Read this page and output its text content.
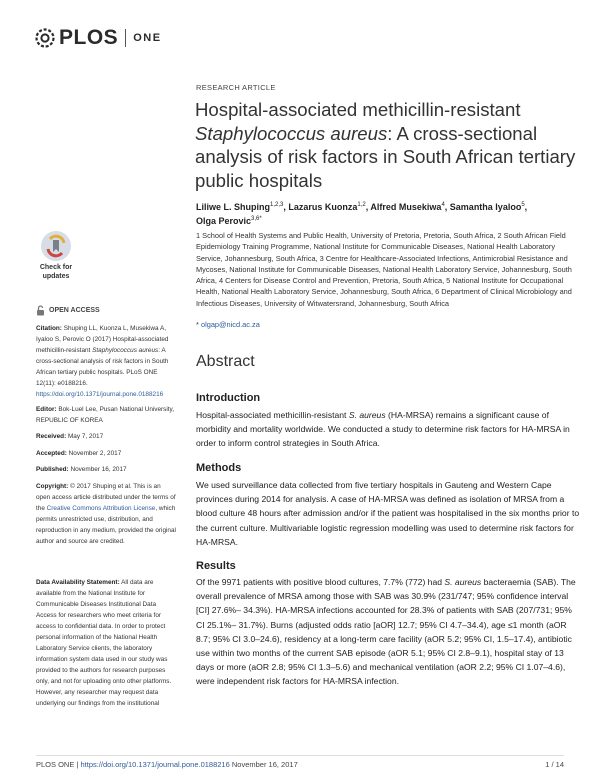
PLOS ONE
RESEARCH ARTICLE
Hospital-associated methicillin-resistant
Staphylococcus aureus: A cross-sectional analysis of risk factors in South African tertiary public hospitals
Liliwe L. Shuping$^{1,2,3}$, Lazarus Kuonza$^{1,2}$, Alfred Musekiwa$^4$, Samantha Iyaloo$^5$,
Olga Perovic$^{3,6*}$
1 School of Health Systems and Public Health, University of Pretoria, Pretoria, South Africa, 2 South African Field Epidemiology Training Programme, National Institute for Communicable Diseases, National Health Laboratory Service, Johannesburg, South Africa, 3 Centre for Healthcare-Associated Infections, Antimicrobial Resistance and Mycoses, National Institute for Communicable Diseases, National Health Laboratory Service, Johannesburg, South Africa, 4 Centers for Disease Control and Prevention, Pretoria, South Africa, 5 National Institute for Occupational Health, National Health Laboratory Service, Johannesburg, South Africa, 6 Department of Clinical Microbiology and Infectious Diseases, University of Witwatersrand, Johannesburg, South Africa
* olgap@nicd.ac.za
Check for updates
OPEN ACCESS
Citation: Shuping LL, Kuonza L, Musekiwa A, Iyaloo S, Perovic O (2017) Hospital-associated methicillin-resistant Staphylococcus aureus: A cross-sectional analysis of risk factors in South African tertiary public hospitals. PLoS ONE 12(11): e0188216. https://doi.org/10.1371/journal.pone.0188216
Editor: Bok-Luel Lee, Pusan National University, REPUBLIC OF KOREA
Received: May 7, 2017
Accepted: November 2, 2017
Published: November 16, 2017
Copyright: © 2017 Shuping et al. This is an open access article distributed under the terms of the Creative Commons Attribution License, which permits unrestricted use, distribution, and reproduction in any medium, provided the original author and source are credited.
Data Availability Statement: All data are available from the National Institute for Communicable Diseases Institutional Data Access for researchers who meet criteria for access to confidential data. In order to protect personal information of the National Health Laboratory Service clients, the laboratory information system data used in our study was provided to the authors for research purposes only, and not for uploading onto other platforms. However, any researcher may request data underlying our findings from the institutional
Abstract
Introduction

Hospital-associated methicillin-resistant S. aureus (HA-MRSA) remains a significant cause of morbidity and mortality worldwide. We conducted a study to determine risk factors for HA-MRSA in order to inform control strategies in South Africa.

Methods

We used surveillance data collected from five tertiary hospitals in Gauteng and Western Cape provinces during 2014 for analysis. A case of HA-MRSA was defined as isolation of MRSA from a blood culture 48 hours after admission and/or if the patient was hospitalised in the six months prior to the current culture. Multivariable logistic regression modelling was used to determine risk factors for HA-MRSA.

Results

Of the 9971 patients with positive blood cultures, 7.7% (772) had S. aureus bacteraemia (SAB). The overall prevalence of MRSA among those with SAB was 30.9% (231/747; 95% confidence interval [CI] 27.6%– 34.3%). HA-MRSA infections accounted for 28.3% of patients with SAB (207/731; 95% CI 25.1%– 31.7%). Burns (adjusted odds ratio [aOR] 12.7; 95% CI 4.7–34.4), age ≤1 month (aOR 8.7; 95% CI 3.0–24.6), residency at a long-term care facility (aOR 5.2; 95% CI, 1.5–17.4), antibiotic use within two months of the current SAB episode (aOR 5.1; 95% CI 2.8–9.1), hospital stay of 13 days or more (aOR 2.8; 95% CI 1.3–5.6) and mechanical ventilation (aOR 2.2; 95% CI 1.07–4.6), were independent risk factors for HA-MRSA infection.

PLOS ONE | https://doi.org/10.1371/journal.pone.0188216 November 16, 2017	1 / 14
